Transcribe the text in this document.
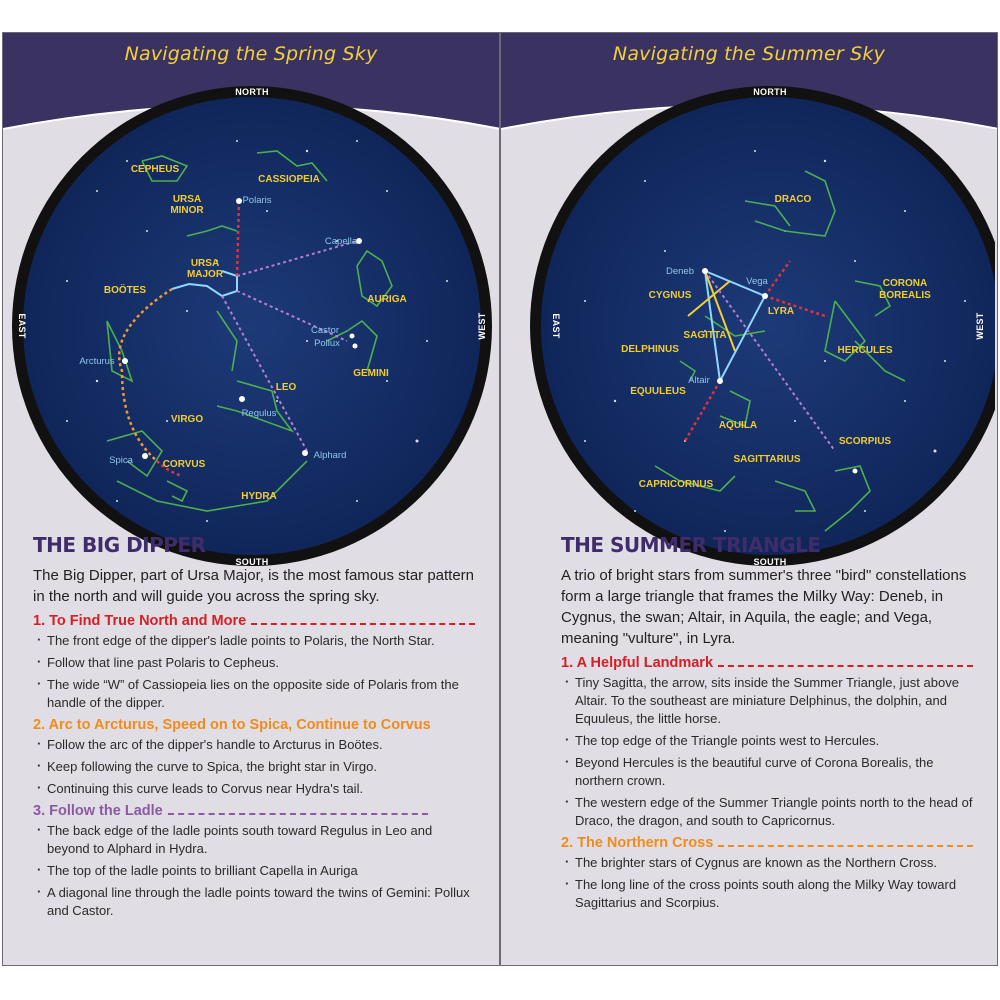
Navigating the Spring Sky
NORTH
SOUTH
EAST	WEST
CEPHEUS
CASSIOPEIA
URSA
MINOR
URSA
MAJOR
BOÖTES
AURIGA
GEMINI
LEO
VIRGO
CORVUS
HYDRA
Polaris
Capella
Castor
Pollux
Arcturus
Regulus
Spica	Alphard
THE BIG DIPPER

The Big Dipper, part of Ursa Major, is the most famous star pattern in the north and will guide you across the spring sky.

1. To Find True North and More
· The front edge of the dipper's ladle points to Polaris, the North Star.
· Follow that line past Polaris to Cepheus.
· The wide “W” of Cassiopeia lies on the opposite side of Polaris from the handle of the dipper.
2. Arc to Arcturus, Speed on to Spica, Continue to Corvus
· Follow the arc of the dipper's handle to Arcturus in Boötes.
· Keep following the curve to Spica, the bright star in Virgo.
· Continuing this curve leads to Corvus near Hydra's tail.
3. Follow the Ladle
· The back edge of the ladle points south toward Regulus in Leo and beyond to Alphard in Hydra.
· The top of the ladle points to brilliant Capella in Auriga
· A diagonal line through the ladle points toward the twins of Gemini: Pollux and Castor.
Navigating the Summer Sky
NORTH
SOUTH
EAST	WEST
DRACO
CORONA
BOREALIS
CYGNUS
LYRA
SAGITTA
HERCULES
DELPHINUS
EQUULEUS
AQUILA
SCORPIUS
SAGITTARIUS
CAPRICORNUS
Deneb
Vega
Altair
THE SUMMER TRIANGLE

A trio of bright stars from summer's three "bird" constellations form a large triangle that frames the Milky Way: Deneb, in Cygnus, the swan; Altair, in Aquila, the eagle; and Vega, meaning "vulture", in Lyra.

1. A Helpful Landmark
· Tiny Sagitta, the arrow, sits inside the Summer Triangle, just above Altair. To the southeast are miniature Delphinus, the dolphin, and Equuleus, the little horse.
· The top edge of the Triangle points west to Hercules.
· Beyond Hercules is the beautiful curve of Corona Borealis, the northern crown.
· The western edge of the Summer Triangle points north to the head of Draco, the dragon, and south to Capricornus.
2. The Northern Cross
· The brighter stars of Cygnus are known as the Northern Cross.
· The long line of the cross points south along the Milky Way toward Sagittarius and Scorpius.
